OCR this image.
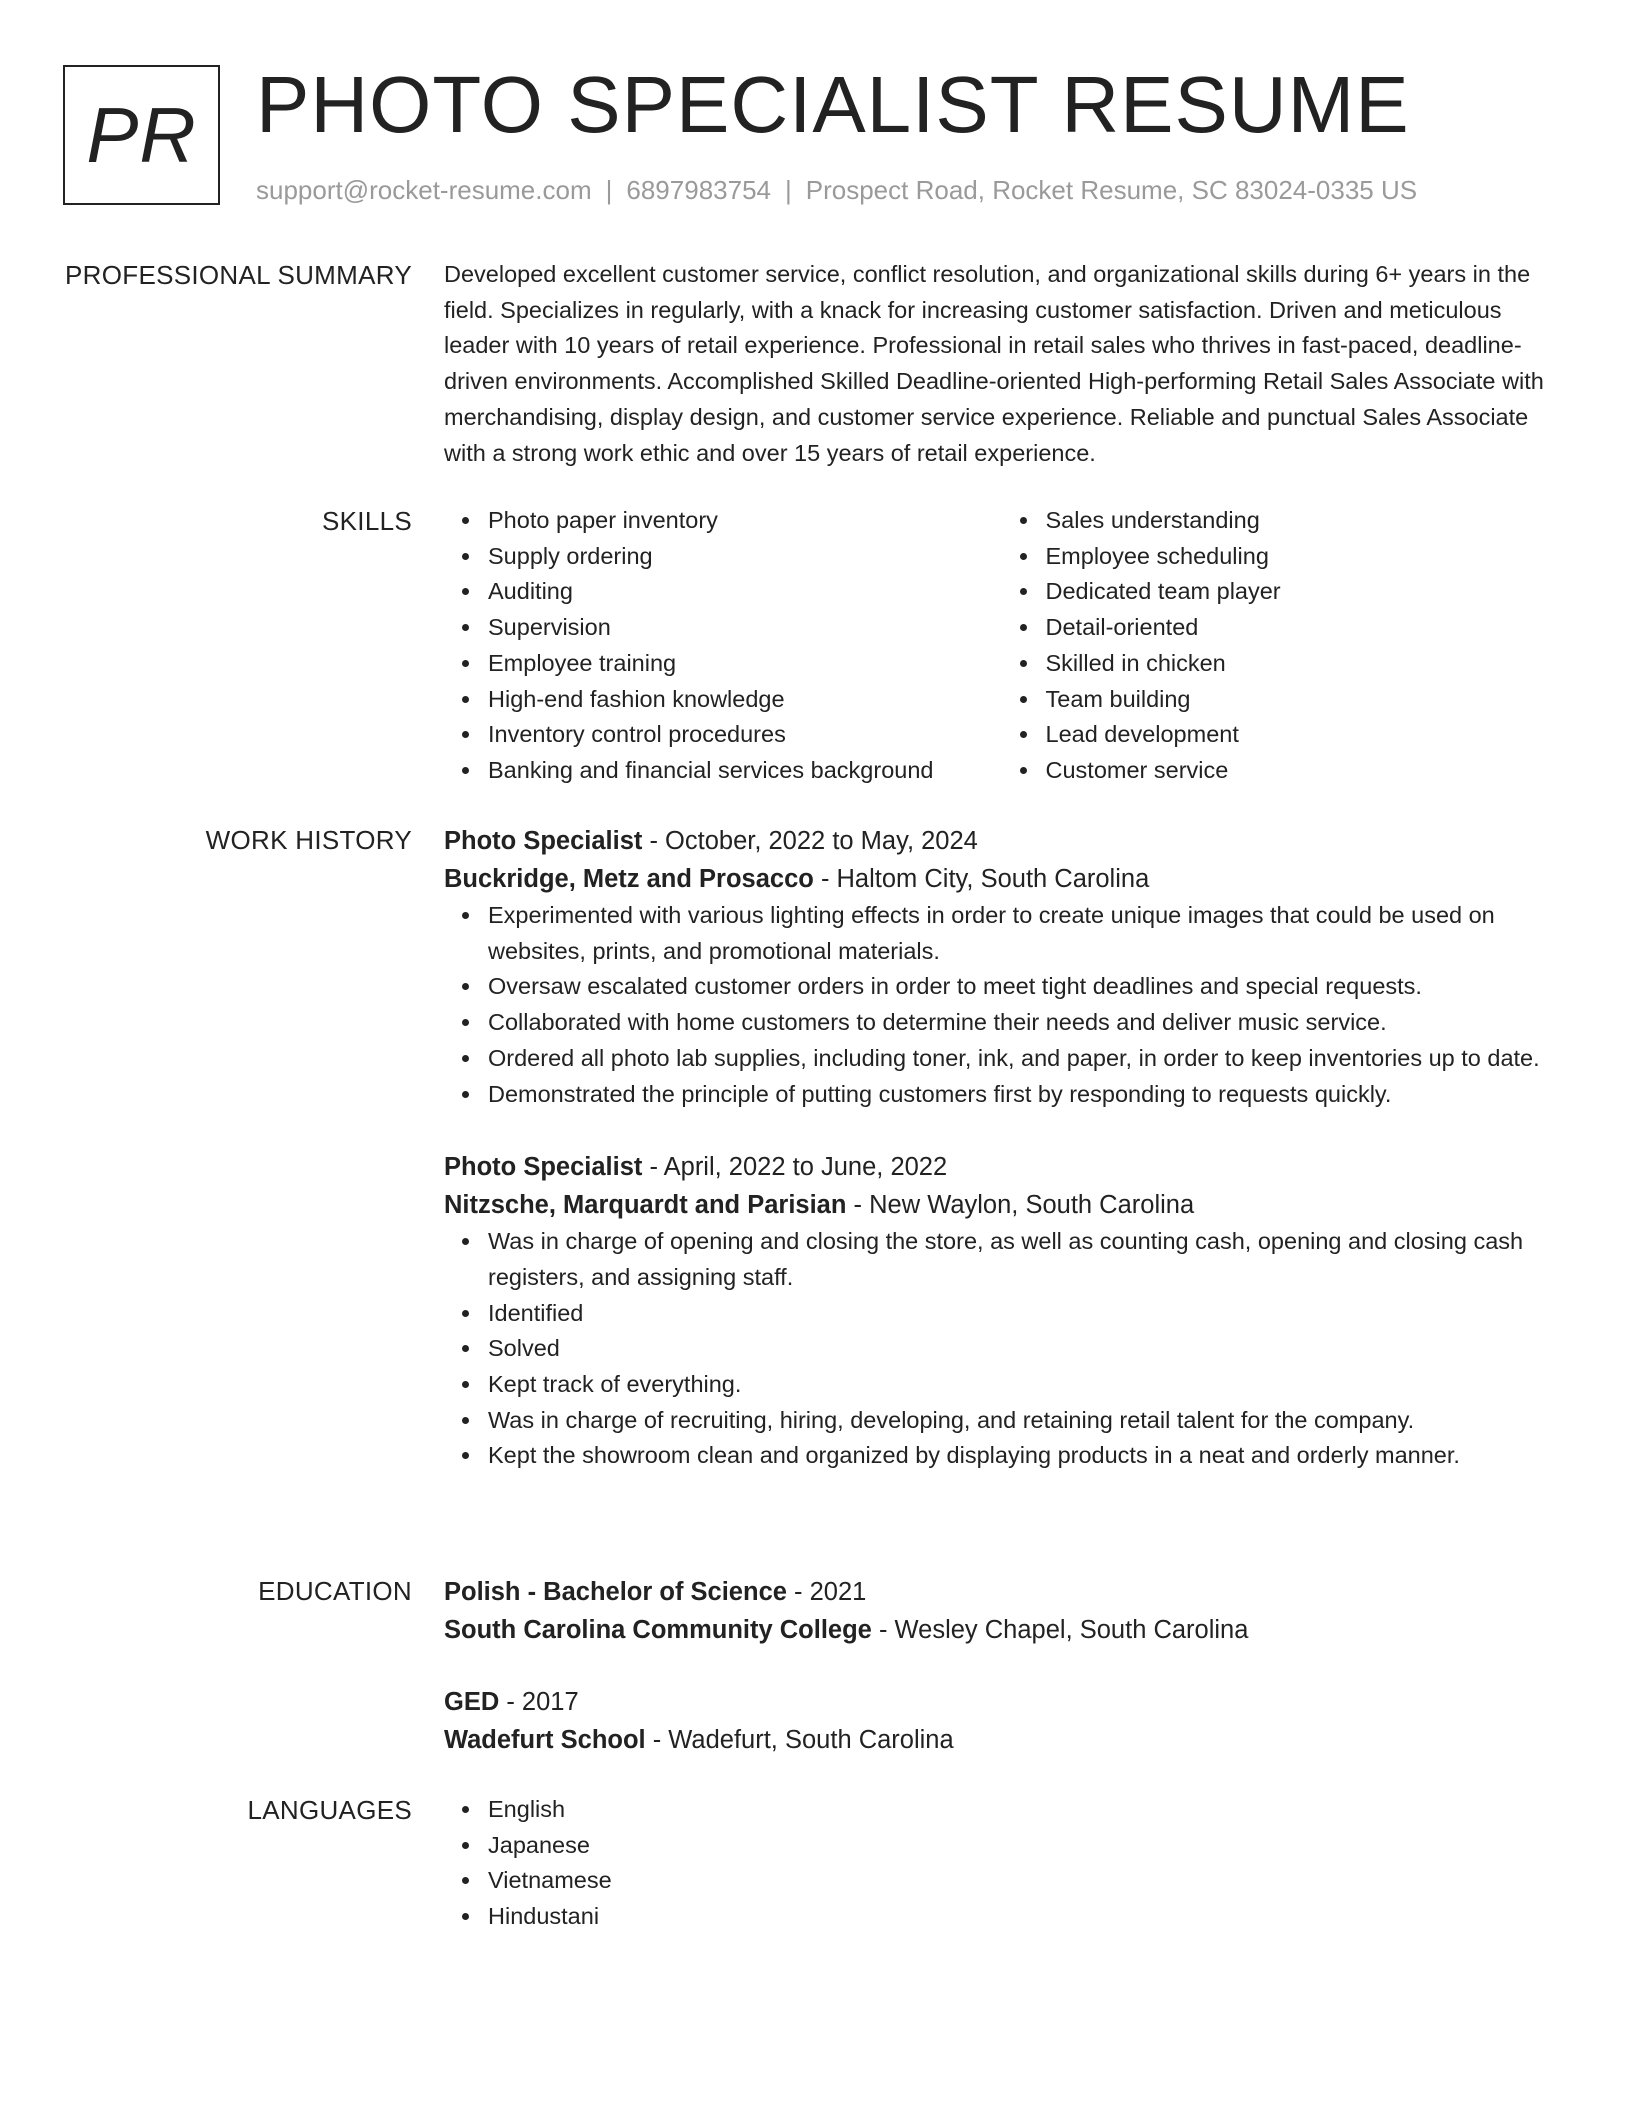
PR PHOTO SPECIALIST RESUME
support@rocket-resume.com | 6897983754 | Prospect Road, Rocket Resume, SC 83024-0335 US
PROFESSIONAL SUMMARY Developed excellent customer service, conflict resolution, and organizational skills during 6+ years in the field. Specializes in regularly, with a knack for increasing customer satisfaction. Driven and meticulous leader with 10 years of retail experience. Professional in retail sales who thrives in fast-paced, deadline-driven environments. Accomplished Skilled Deadline-oriented High-performing Retail Sales Associate with merchandising, display design, and customer service experience. Reliable and punctual Sales Associate with a strong work ethic and over 15 years of retail experience.

SKILLS	Photo paper inventory
Supply ordering
Auditing
Supervision
Employee training
High-end fashion knowledge
Inventory control procedures
Banking and financial services background
Sales understanding
Employee scheduling
Dedicated team player
Detail-oriented
Skilled in chicken
Team building
Lead development
Customer service
WORK HISTORY Photo Specialist - October, 2022 to May, 2024
Buckridge, Metz and Prosacco - Haltom City, South Carolina
Experimented with various lighting effects in order to create unique images that could be used on websites, prints, and promotional materials.
Oversaw escalated customer orders in order to meet tight deadlines and special requests.
Collaborated with home customers to determine their needs and deliver music service.
Ordered all photo lab supplies, including toner, ink, and paper, in order to keep inventories up to date.
Demonstrated the principle of putting customers first by responding to requests quickly.
Photo Specialist - April, 2022 to June, 2022
Nitzsche, Marquardt and Parisian - New Waylon, South Carolina
Was in charge of opening and closing the store, as well as counting cash, opening and closing cash registers, and assigning staff.
Identified
Solved
Kept track of everything.
Was in charge of recruiting, hiring, developing, and retaining retail talent for the company.
Kept the showroom clean and organized by displaying products in a neat and orderly manner.
EDUCATION Polish - Bachelor of Science - 2021
South Carolina Community College - Wesley Chapel, South Carolina
GED - 2017
Wadefurt School - Wadefurt, South Carolina
LANGUAGES	English
Japanese
Vietnamese
Hindustani
